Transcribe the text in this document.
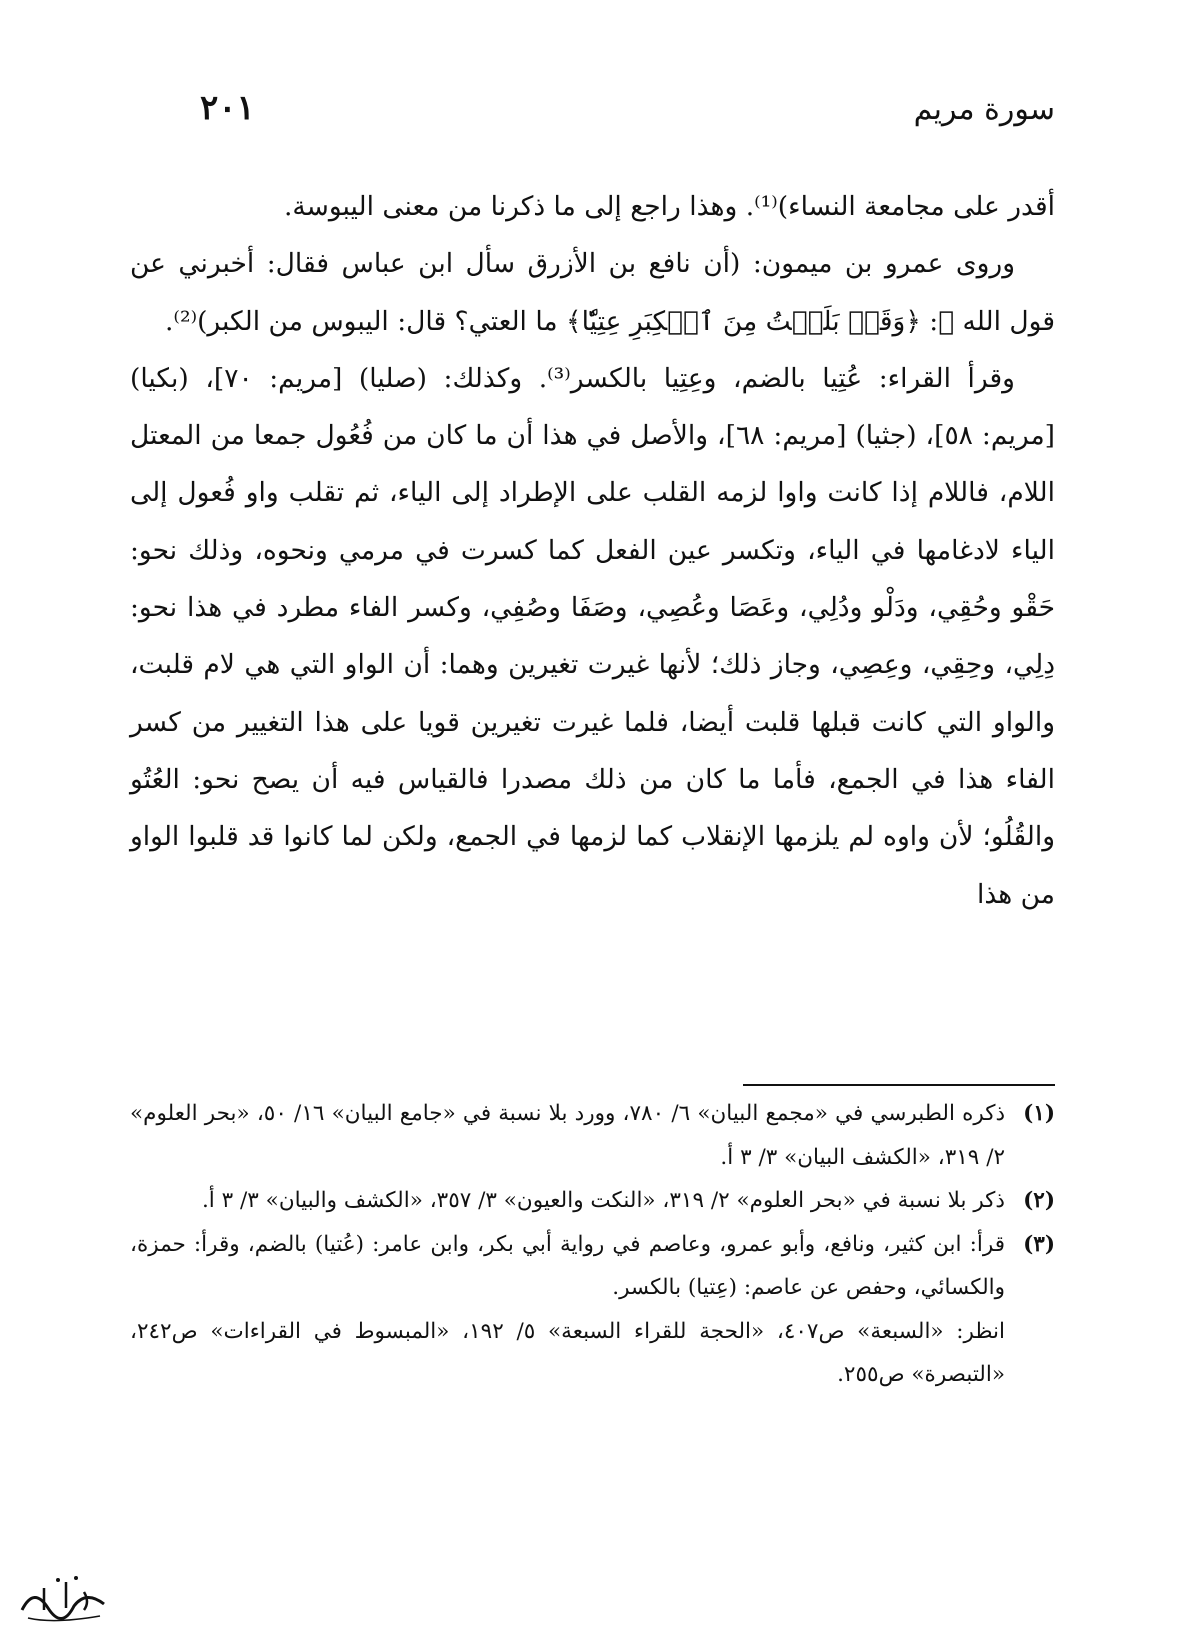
سورة مريم
٢٠١

أقدر على مجامعة النساء)⁽¹⁾. وهذا راجع إلى ما ذكرنا من معنى اليبوسة.

وروى عمرو بن ميمون: (أن نافع بن الأزرق سأل ابن عباس فقال: أخبرني عن قول الله ﷻ: ﴿وَقَدۡ بَلَغۡتُ مِنَ ٱلۡكِبَرِ عِتِيّٗا﴾ ما العتي؟ قال: اليبوس من الكبر)⁽²⁾.

وقرأ القراء: عُتِيا بالضم، وعِتِيا بالكسر⁽³⁾. وكذلك: (صليا) [مريم: ٧٠]، (بكيا) [مريم: ٥٨]، (جثيا) [مريم: ٦٨]، والأصل في هذا أن ما كان من فُعُول جمعا من المعتل اللام، فاللام إذا كانت واوا لزمه القلب على الإطراد إلى الياء، ثم تقلب واو فُعول إلى الياء لادغامها في الياء، وتكسر عين الفعل كما كسرت في مرمي ونحوه، وذلك نحو: حَقْو وحُقِي، ودَلْو ودُلِي، وعَصَا وعُصِي، وصَفَا وصُفِي، وكسر الفاء مطرد في هذا نحو: دِلِي، وحِقِي، وعِصِي، وجاز ذلك؛ لأنها غيرت تغيرين وهما: أن الواو التي هي لام قلبت، والواو التي كانت قبلها قلبت أيضا، فلما غيرت تغيرين قويا على هذا التغيير من كسر الفاء هذا في الجمع، فأما ما كان من ذلك مصدرا فالقياس فيه أن يصح نحو: العُتُو والقُلُو؛ لأن واوه لم يلزمها الإنقلاب كما لزمها في الجمع، ولكن لما كانوا قد قلبوا الواو من هذا

(١)

ذكره الطبرسي في «مجمع البيان» ٦/ ٧٨٠، وورد بلا نسبة في «جامع البيان» ١٦/ ٥٠، «بحر العلوم» ٢/ ٣١٩، «الكشف البيان» ٣/ ٣ أ.

(٢)

ذكر بلا نسبة في «بحر العلوم» ٢/ ٣١٩، «النكت والعيون» ٣/ ٣٥٧، «الكشف والبيان» ٣/ ٣ أ.

(٣)

قرأ: ابن كثير، ونافع، وأبو عمرو، وعاصم في رواية أبي بكر، وابن عامر: (عُتيا) بالضم، وقرأ: حمزة، والكسائي، وحفص عن عاصم: (عِتيا) بالكسر.

انظر: «السبعة» ص٤٠٧، «الحجة للقراء السبعة» ٥/ ١٩٢، «المبسوط في القراءات» ص٢٤٢، «التبصرة» ص٢٥٥.
